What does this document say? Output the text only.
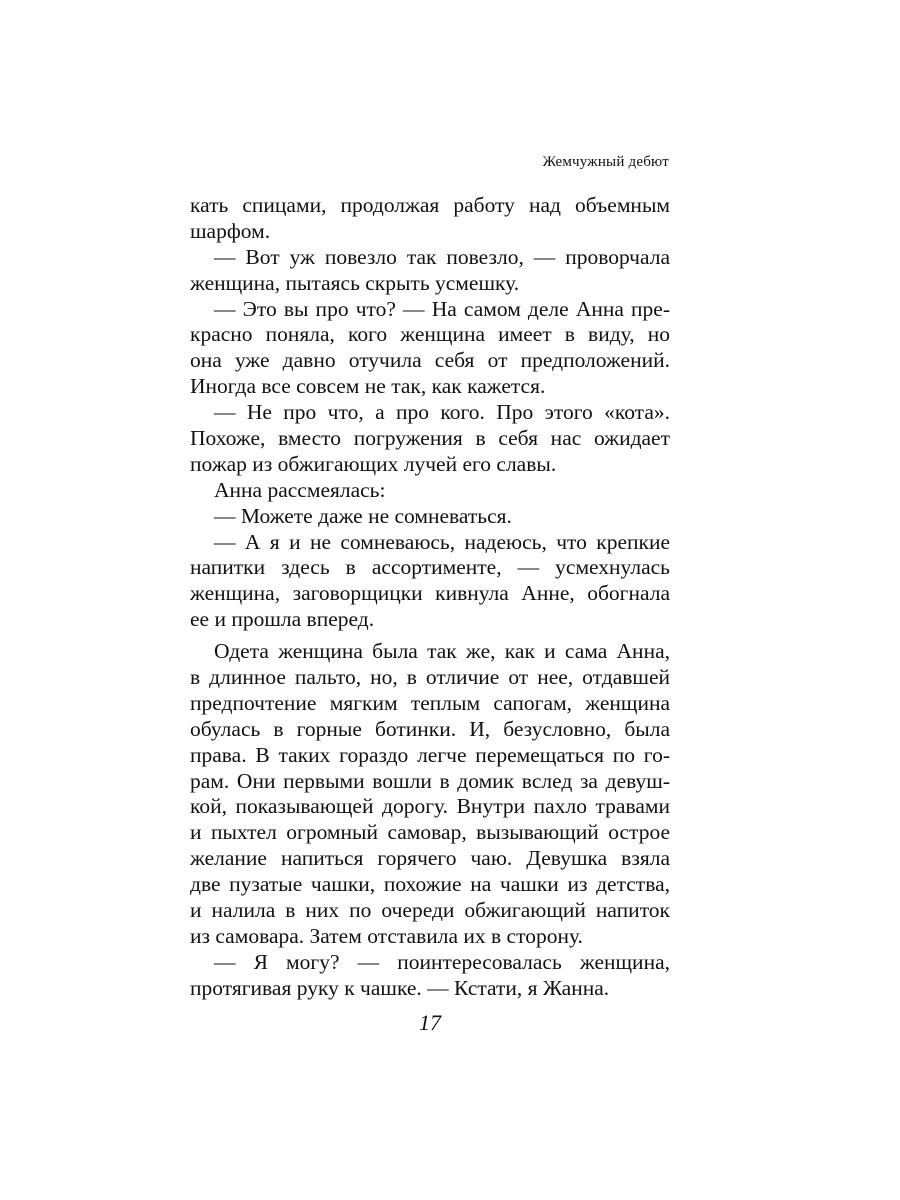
Жемчужный дебют
кать спицами, продолжая работу над объемным
шарфом.
— Вот уж повезло так повезло, — проворчала
женщина, пытаясь скрыть усмешку.
— Это вы про что? — На самом деле Анна пре-
красно поняла, кого женщина имеет в виду, но
она уже давно отучила себя от предположений.
Иногда все совсем не так, как кажется.
— Не про что, а про кого. Про этого «кота».
Похоже, вместо погружения в себя нас ожидает
пожар из обжигающих лучей его славы.
Анна рассмеялась:
— Можете даже не сомневаться.
— А я и не сомневаюсь, надеюсь, что крепкие
напитки здесь в ассортименте, — усмехнулась
женщина, заговорщицки кивнула Анне, обогнала
ее и прошла вперед.
Одета женщина была так же, как и сама Анна,
в длинное пальто, но, в отличие от нее, отдавшей
предпочтение мягким теплым сапогам, женщина
обулась в горные ботинки. И, безусловно, была
права. В таких гораздо легче перемещаться по го-
рам. Они первыми вошли в домик вслед за девуш-
кой, показывающей дорогу. Внутри пахло травами
и пыхтел огромный самовар, вызывающий острое
желание напиться горячего чаю. Девушка взяла
две пузатые чашки, похожие на чашки из детства,
и налила в них по очереди обжигающий напиток
из самовара. Затем отставила их в сторону.
— Я могу? — поинтересовалась женщина,
протягивая руку к чашке. — Кстати, я Жанна.
17
